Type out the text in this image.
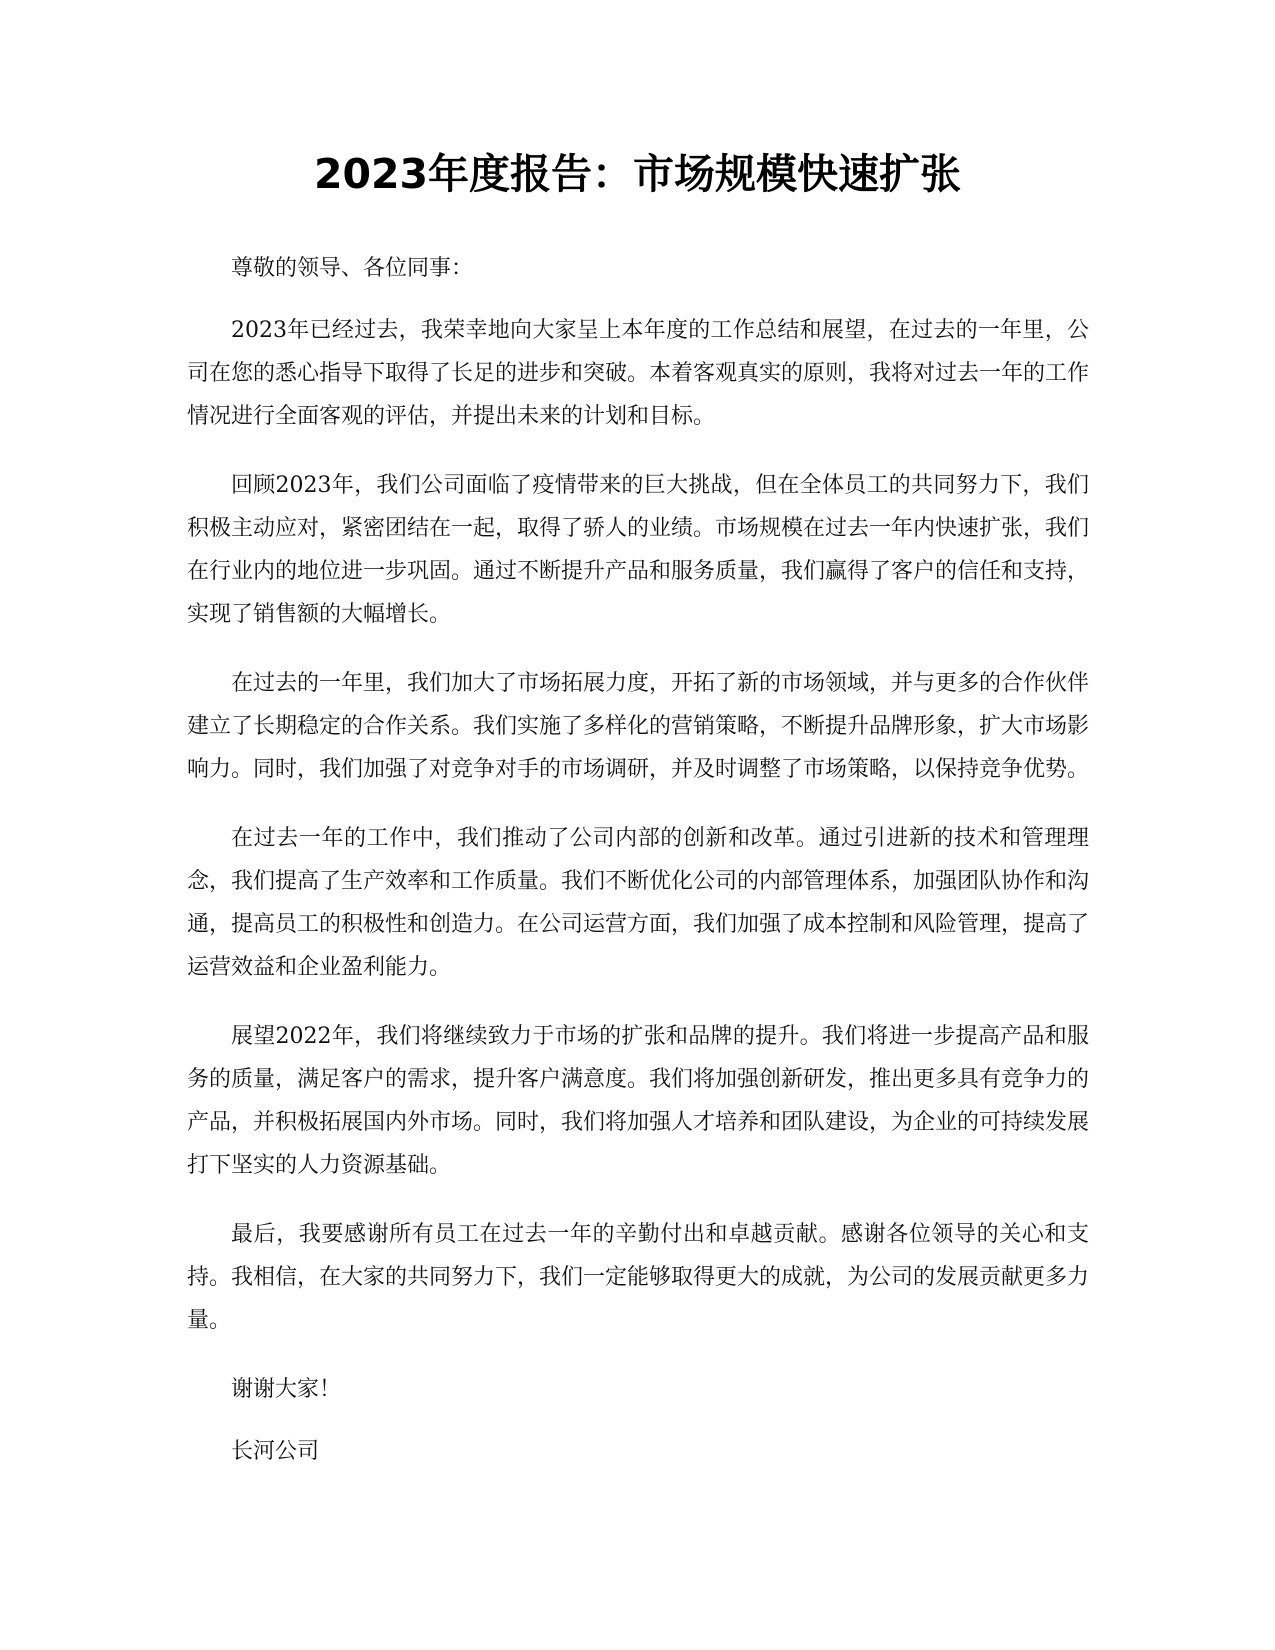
2023年度报告：市场规模快速扩张

尊敬的领导、各位同事：

2023年已经过去，我荣幸地向大家呈上本年度的工作总结和展望，在过去的一年里，公司在您的悉心指导下取得了长足的进步和突破。本着客观真实的原则，我将对过去一年的工作情况进行全面客观的评估，并提出未来的计划和目标。

回顾2023年，我们公司面临了疫情带来的巨大挑战，但在全体员工的共同努力下，我们积极主动应对，紧密团结在一起，取得了骄人的业绩。市场规模在过去一年内快速扩张，我们在行业内的地位进一步巩固。通过不断提升产品和服务质量，我们赢得了客户的信任和支持，实现了销售额的大幅增长。

在过去的一年里，我们加大了市场拓展力度，开拓了新的市场领域，并与更多的合作伙伴建立了长期稳定的合作关系。我们实施了多样化的营销策略，不断提升品牌形象，扩大市场影响力。同时，我们加强了对竞争对手的市场调研，并及时调整了市场策略，以保持竞争优势。

在过去一年的工作中，我们推动了公司内部的创新和改革。通过引进新的技术和管理理念，我们提高了生产效率和工作质量。我们不断优化公司的内部管理体系，加强团队协作和沟通，提高员工的积极性和创造力。在公司运营方面，我们加强了成本控制和风险管理，提高了运营效益和企业盈利能力。

展望2022年，我们将继续致力于市场的扩张和品牌的提升。我们将进一步提高产品和服务的质量，满足客户的需求，提升客户满意度。我们将加强创新研发，推出更多具有竞争力的产品，并积极拓展国内外市场。同时，我们将加强人才培养和团队建设，为企业的可持续发展打下坚实的人力资源基础。

最后，我要感谢所有员工在过去一年的辛勤付出和卓越贡献。感谢各位领导的关心和支持。我相信，在大家的共同努力下，我们一定能够取得更大的成就，为公司的发展贡献更多力量。

谢谢大家！

长河公司
